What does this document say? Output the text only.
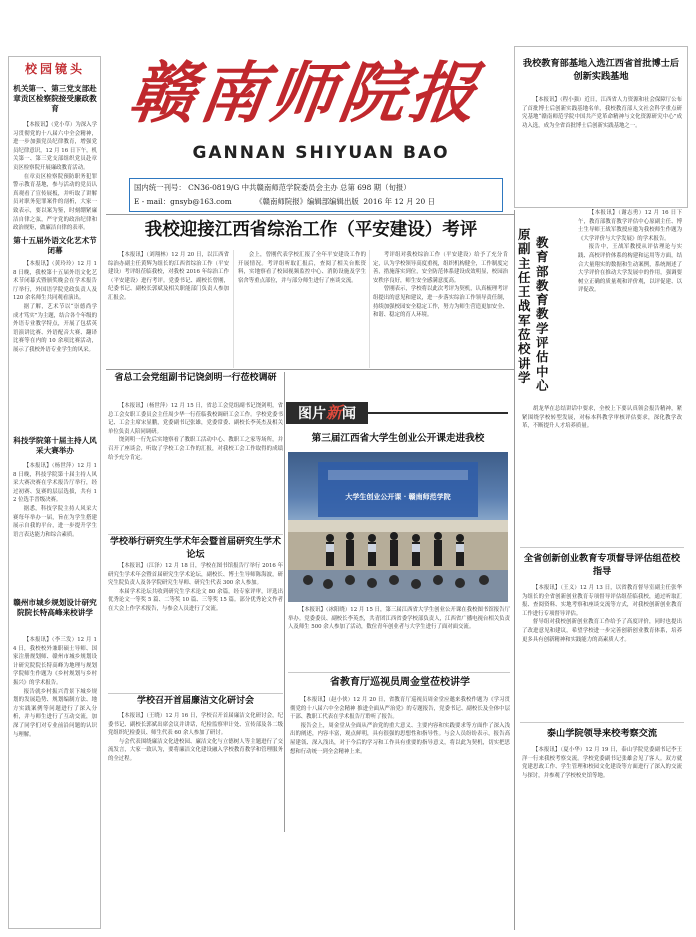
校园镜头
机关第一、第三党支部赴章贡区检察院接受廉政教育

【本报讯】（党小草）为深入学习贯彻党的十八届六中全会精神，进一步加强党员纪律教育，增强党员纪律意识，12 月 16 日下午，机关第一、第三党支部组织党员赴章贡区检察院开展廉政教育活动。

在章贡区检察院预防职务犯罪警示教育基地，参与活动的党员认真观看了宣传展板，并听取了讲解员对职务犯罪案件的剖析，大家一致表示，要以案为鉴，时刻绷紧廉洁自律之弦，严守党的政治纪律和政治规矩，做廉洁自律的表率。

第十五届外语文化艺术节闭幕

【本报讯】（黄玲玲）12 月 18 日晚，我校第十五届外语文化艺术节闭幕式暨颁奖晚会在学术报告厅举行，外国语学院党政负责人及 120 余名师生共同观看演出。

据了解，艺术节以“崇德尚学 成才笃实”为主题，结合各个年级的外语专业教学特点，开展了包括英语演讲比赛、外语配音大赛、翻译比赛等在内的 10 余项比赛活动，展示了我校外语专业学生的风采。

科技学院第十届主持人风采大赛举办

【本报讯】（杨世萍）12 月 18 日晚，科技学院第十届主持人风采大赛决赛在学术报告厅举行，经过初赛、复赛的层层选拔，共有 12 位选手晋级决赛。

据悉，科技学院主持人风采大赛每年举办一届，旨在为学生搭建展示自我的平台，进一步提升学生语言表达能力和综合素质。

赣州市城乡规划设计研究院院长特高峰来校讲学

【本报讯】（李三发）12 月 14 日，我校校外兼职硕士导师、国家注册规划师、赣州市城乡规划设计研究院院长特高峰为地理与规划学院师生作题为《乡村规划与乡村振兴》的学术报告。

报告就乡村振兴背景下城乡规划的发展趋势、规划编制方法、地方实践案例等问题进行了深入分析，并与师生进行了互动交流，加深了同学们对专业前沿问题的认识与理解。

赣南师院报
GANNAN SHIYUAN BAO
国内统一刊号： CN36-0819/G 中共赣南师范学院委员会主办 总第 698 期（旬报）
E - mail：gnsyb@163.com          《赣南师院报》编辑部编辑出版  2016 年 12 月 20 日
我校迎接江西省综治工作（平安建设）考评

【本报讯】（刘翔林）12 月 20 日，以江西省综治办副主任黄辉为组长的江西省综治工作（平安建设）考评组莅临我校，对我校 2016 年综治工作（平安建设）进行考评。党委书记、副校长曾刚，纪委书记、副校长郭斌及相关职能部门负责人参加汇报会。

会上，曾刚代表学校汇报了全年平安建设工作的开展情况。考评组听取汇报后，查阅了相关台账资料，实地察看了校园视频监控中心、消防设施及学生宿舍等重点部位，并与部分师生进行了座谈交流。

考评组对我校综治工作（平安建设）给予了充分肯定，认为学校领导高度重视，组织机构健全，工作制度完善，措施落实到位，安全防范体系建设成效明显，校园治安秩序良好，师生安全感满意度高。

曾刚表示，学校将以此次考评为契机，认真梳理考评组提出的意见和建议，进一步落实综治工作领导责任制，持续加强校园安全稳定工作，努力为师生营造更加安全、和谐、稳定的育人环境。

省总工会党组副书记饶剑明一行莅校调研

【本报讯】（杨世萍）12 月 15 日，省总工会党组副书记饶剑明，省总工会女职工委员会主任周少华一行莅临我校调研工会工作。学校党委书记、工会主席宋显鹏，党委副书记张雄，党委常委、副校长李英杰及相关单位负责人陪同调研。

饶剑明一行先后实地察看了教职工活动中心、教职工之家等场所，并召开了座谈会，听取了学校工会工作的汇报，对我校工会工作取得的成绩给予充分肯定。

学校举行研究生学术年会暨首届研究生学术论坛

【本报讯】（江泽）12 月 18 日，学校在图书馆报告厅举行 2016 年研究生学术年会暨首届研究生学术论坛，副校长、博士生导师陈海波，研究生院负责人及各学院研究生导师、研究生代表 300 余人参加。

本届学术论坛共收到研究生学术论文 80 余篇，经专家评审，评选出优秀论文一等奖 5 篇、二等奖 10 篇、三等奖 15 篇。部分优秀论文作者在大会上作学术报告，与参会人员进行了交流。

学校召开首届廉洁文化研讨会

【本报讯】（王晓）12 月 16 日，学校召开首届廉洁文化研讨会，纪委书记、副校长郭斌出席会议并讲话，纪检监察审计处、宣传部及各二级党组织纪检委员、师生代表 60 余人参加了研讨。

与会代表围绕廉洁文化进校园、廉洁文化与立德树人等主题进行了交流发言，大家一致认为，要将廉洁文化建设融入学校教育教学和管理服务的全过程。

图片新闻
第三届江西省大学生创业公开课走进我校
大学生创业公开课 · 赣南师范学院

【本报讯】（冰阳晓）12 月 15 日，第三届江西省大学生创业公开课在我校图书馆报告厅举办。党委委员、副校长李英杰，共青团江西省委学校部负责人，江西省广播电视台相关负责人及师生 500 余人参加了活动，数位青年创业者与大学生进行了面对面交流。

省教育厅巡视员周金堂莅校讲学

【本报讯】（赵小侠）12 月 20 日，省教育厅巡视员周金堂应邀来我校作题为《学习贯彻党的十八届六中全会精神 推进全面从严治党》的专题报告，党委书记、副校长及全体中层干部、教职工代表在学术报告厅聆听了报告。

报告会上，周金堂从全面从严治党的重大意义、主要内容和实践要求等方面作了深入浅出的阐述，内容丰富，观点鲜明，具有很强的思想性和指导性。与会人员纷纷表示，报告高屋建瓴、深入浅出，对于今后的学习和工作具有重要的指导意义，将以此为契机，切实把思想和行动统一到全会精神上来。

我校教育部基地入选江西省首批博士后创新实践基地

【本报讯】（程小强）近日，江西省人力资源和社会保障厅公布了首批博士后创新实践基地名单，我校教育部人文社会科学重点研究基地“赣南师范学院中国共产党革命精神与文化资源研究中心”成功入选，成为全省首批博士后创新实践基地之一。

原副主任王战军莅校讲学
教育部教育教学评估中心

【本报讯】（谢志勇）12 月 16 日下午，教育部教育教学评估中心原副主任、博士生导师王战军教授应邀为我校师生作题为《大学评价与大学发展》的学术报告。

报告中，王战军教授从评估理论与实践、高校评价体系的构建和运用等方面，结合大量翔实的数据和生动案例，系统阐述了大学评价在推动大学发展中的作用，强调要树立正确的质量观和评价观，以评促建、以评促改。

胡龙华在总结讲话中要求，全校上下要认真领会报告精神，紧紧围绕学校转型发展，对标本科教学审核评估要求，深化教学改革，不断提升人才培养质量。

全省创新创业教育专项督导评估组莅校指导

【本报讯】（王义）12 月 13 日，以省教育督导室副主任张华为组长的全省创新创业教育专项督导评估组莅临我校，通过听取汇报、查阅资料、实地考察和座谈交流等方式，对我校创新创业教育工作进行专项督导评估。

督导组对我校创新创业教育工作给予了高度评价，同时也提出了改进意见和建议，希望学校进一步完善创新创业教育体系，培养更多具有创新精神和实践能力的高素质人才。

泰山学院领导来校考察交流

【本报讯】（夏小华）12 月 19 日，泰山学院党委副书记李王洋一行来我校考察交流。学校党委副书记张雄会见了客人。双方就党建思政工作、学生管理和校园文化建设等方面进行了深入的交流与探讨，并参观了学校校史馆等地。
